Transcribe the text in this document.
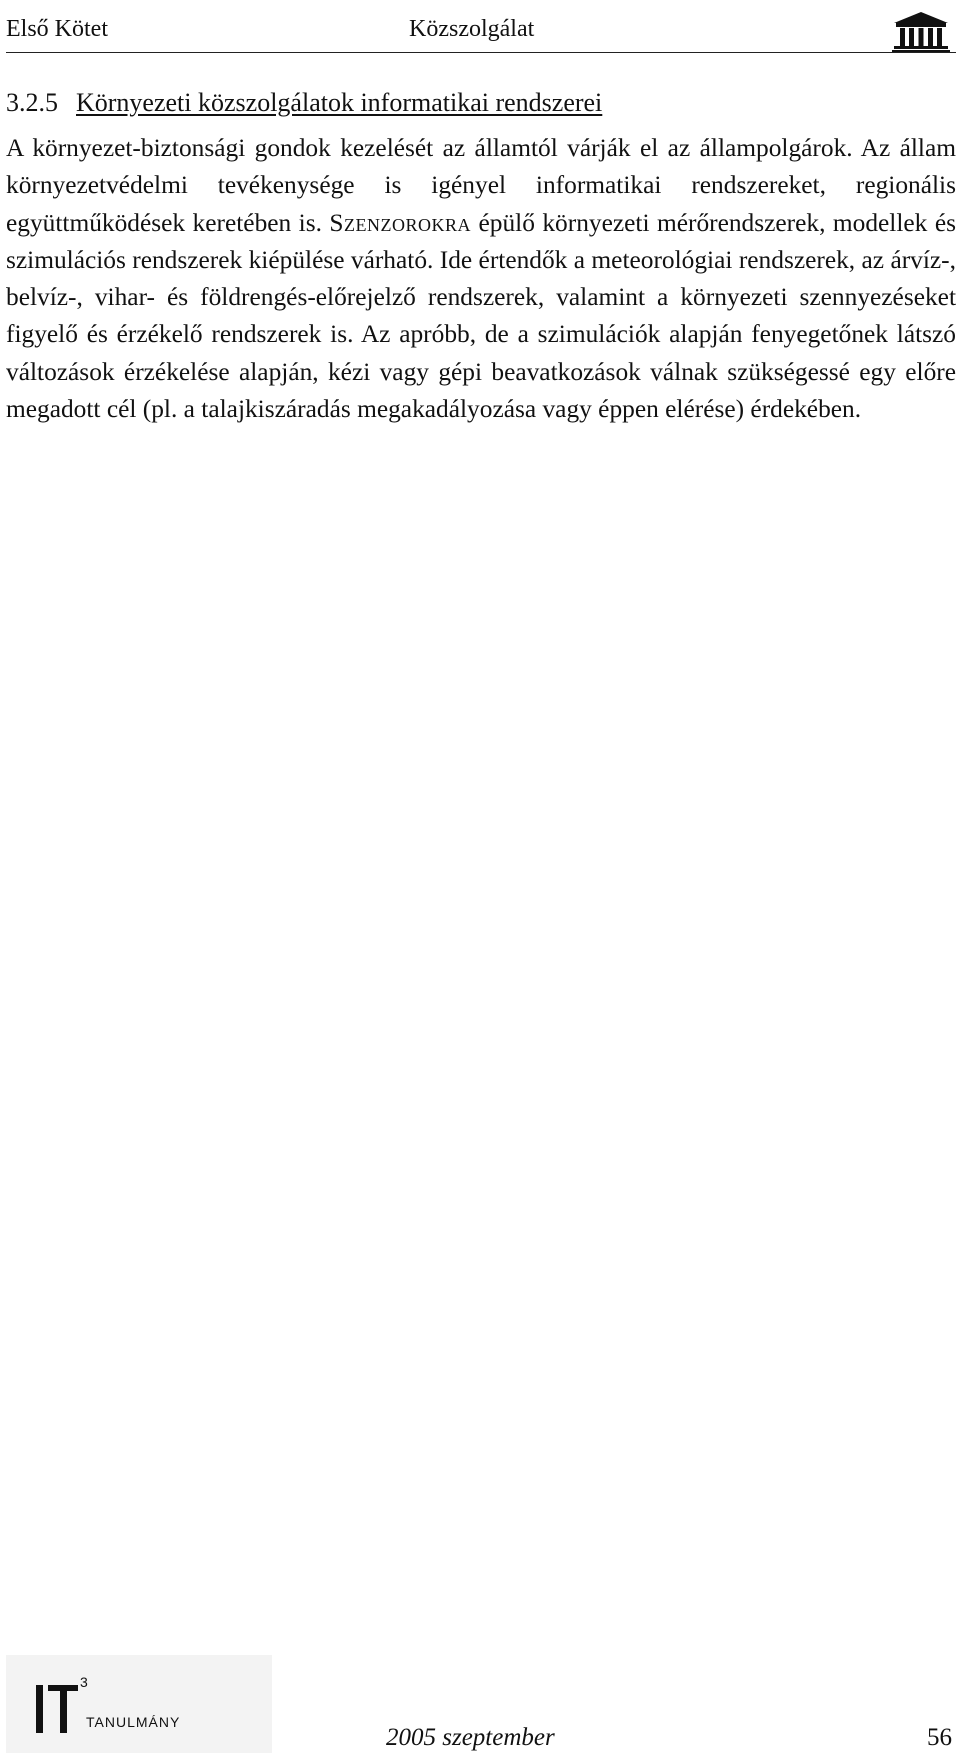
Első Kötet	Közszolgálat
3.2.5 Környezeti közszolgálatok informatikai rendszerei

A környezet-biztonsági gondok kezelését az államtól várják el az állampolgárok. Az állam környezetvédelmi tevékenysége is igényel informatikai rendszereket, regionális együttműködések keretében is. Szenzorokra épülő környezeti mérőrendszerek, modellek és szimulációs rendszerek kiépülése várható. Ide értendők a meteorológiai rendszerek, az árvíz-, belvíz-, vihar- és földrengés-előrejelző rendszerek, valamint a környezeti szennyezéseket figyelő és érzékelő rendszerek is. Az apróbb, de a szimulációk alapján fenyegetőnek látszó változások érzékelése alapján, kézi vagy gépi beavatkozások válnak szükségessé egy előre megadott cél (pl. a talajkiszáradás megakadályozása vagy éppen elérése) érdekében.

3
TANULMÁNY
IT
2005 szeptember	56
